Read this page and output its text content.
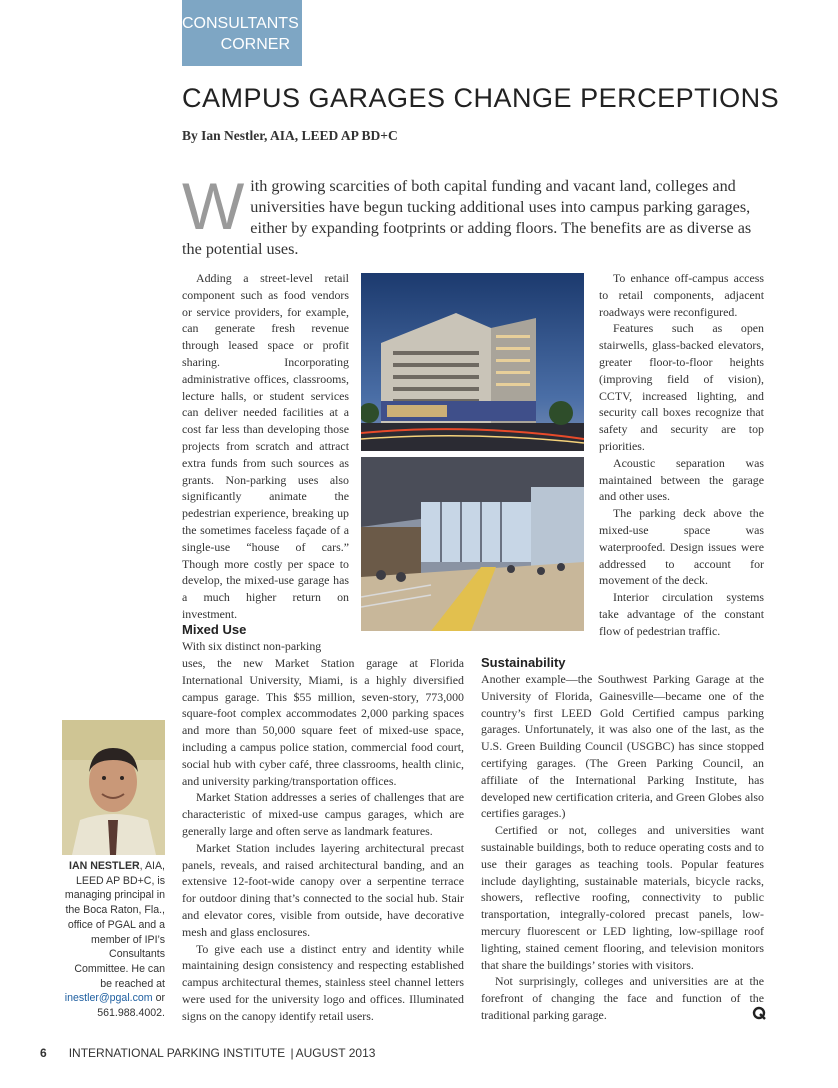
CONSULTANTS
CORNER
CAMPUS GARAGES CHANGE PERCEPTIONS
By Ian Nestler, AIA, LEED AP BD+C
With growing scarcities of both capital funding and vacant land, colleges and universities have begun tucking additional uses into campus parking garages, either by expanding footprints or adding floors. The benefits are as diverse as the potential uses.

Adding a street-level retail component such as food vendors or service providers, for example, can generate fresh revenue through leased space or profit sharing. Incorporating administrative offices, classrooms, lecture halls, or student services can deliver needed facilities at a cost far less than developing those projects from scratch and attract extra funds from such sources as grants. Non-parking uses also significantly animate the pedestrian experience, breaking up the sometimes faceless façade of a single-use “house of cars.” Though more costly per space to develop, the mixed-use garage has a much higher return on investment.

Mixed Use

With six distinct non-parking

uses, the new Market Station garage at Florida International University, Miami, is a highly diversified campus garage. This $55 million, seven-story, 773,000 square-foot complex accommodates 2,000 parking spaces and more than 50,000 square feet of mixed-use space, including a campus police station, commercial food court, social hub with cyber café, three classrooms, health clinic, and university parking/transportation offices.

Market Station addresses a series of challenges that are characteristic of mixed-use campus garages, which are generally large and often serve as landmark features.

Market Station includes layering architectural precast panels, reveals, and raised architectural banding, and an extensive 12-foot-wide canopy over a serpentine terrace for outdoor dining that’s connected to the social hub. Stair and elevator cores, visible from outside, have decorative mesh and glass enclosures.

To give each use a distinct entry and identity while maintaining design consistency and respecting established campus architectural themes, stainless steel channel letters were used for the university logo and offices. Illuminated signs on the canopy identify retail users.

To enhance off-campus access to retail components, adjacent roadways were reconfigured.

Features such as open stairwells, glass-backed elevators, greater floor-to-floor heights (improving field of vision), CCTV, increased lighting, and security call boxes recognize that safety and security are top priorities.

Acoustic separation was maintained between the garage and other uses.

The parking deck above the mixed-use space was waterproofed. Design issues were addressed to account for movement of the deck.

Interior circulation systems take advantage of the constant flow of pedestrian traffic.

Sustainability

Another example—the Southwest Parking Garage at the University of Florida, Gainesville—became one of the country’s first LEED Gold Certified campus parking garages. Unfortunately, it was also one of the last, as the U.S. Green Building Council (USGBC) has since stopped certifying garages. (The Green Parking Council, an affiliate of the International Parking Institute, has developed new certification criteria, and Green Globes also certifies garages.)

Certified or not, colleges and universities want sustainable buildings, both to reduce operating costs and to use their garages as teaching tools. Popular features include daylighting, sustainable materials, bicycle racks, showers, reflective roofing, connectivity to public transportation, integrally-colored precast panels, low-mercury fluorescent or LED lighting, low-spillage roof lighting, stained cement flooring, and television monitors that share the buildings’ stories with visitors.

Not surprisingly, colleges and universities are at the forefront of changing the face and function of the traditional parking garage.

IAN NESTLER, AIA, LEED AP BD+C, is managing principal in the Boca Raton, Fla., office of PGAL and a member of IPI’s Consultants Committee. He can be reached at inestler@pgal.com or 561.988.4002.
6 INTERNATIONAL PARKING INSTITUTE | AUGUST 2013
